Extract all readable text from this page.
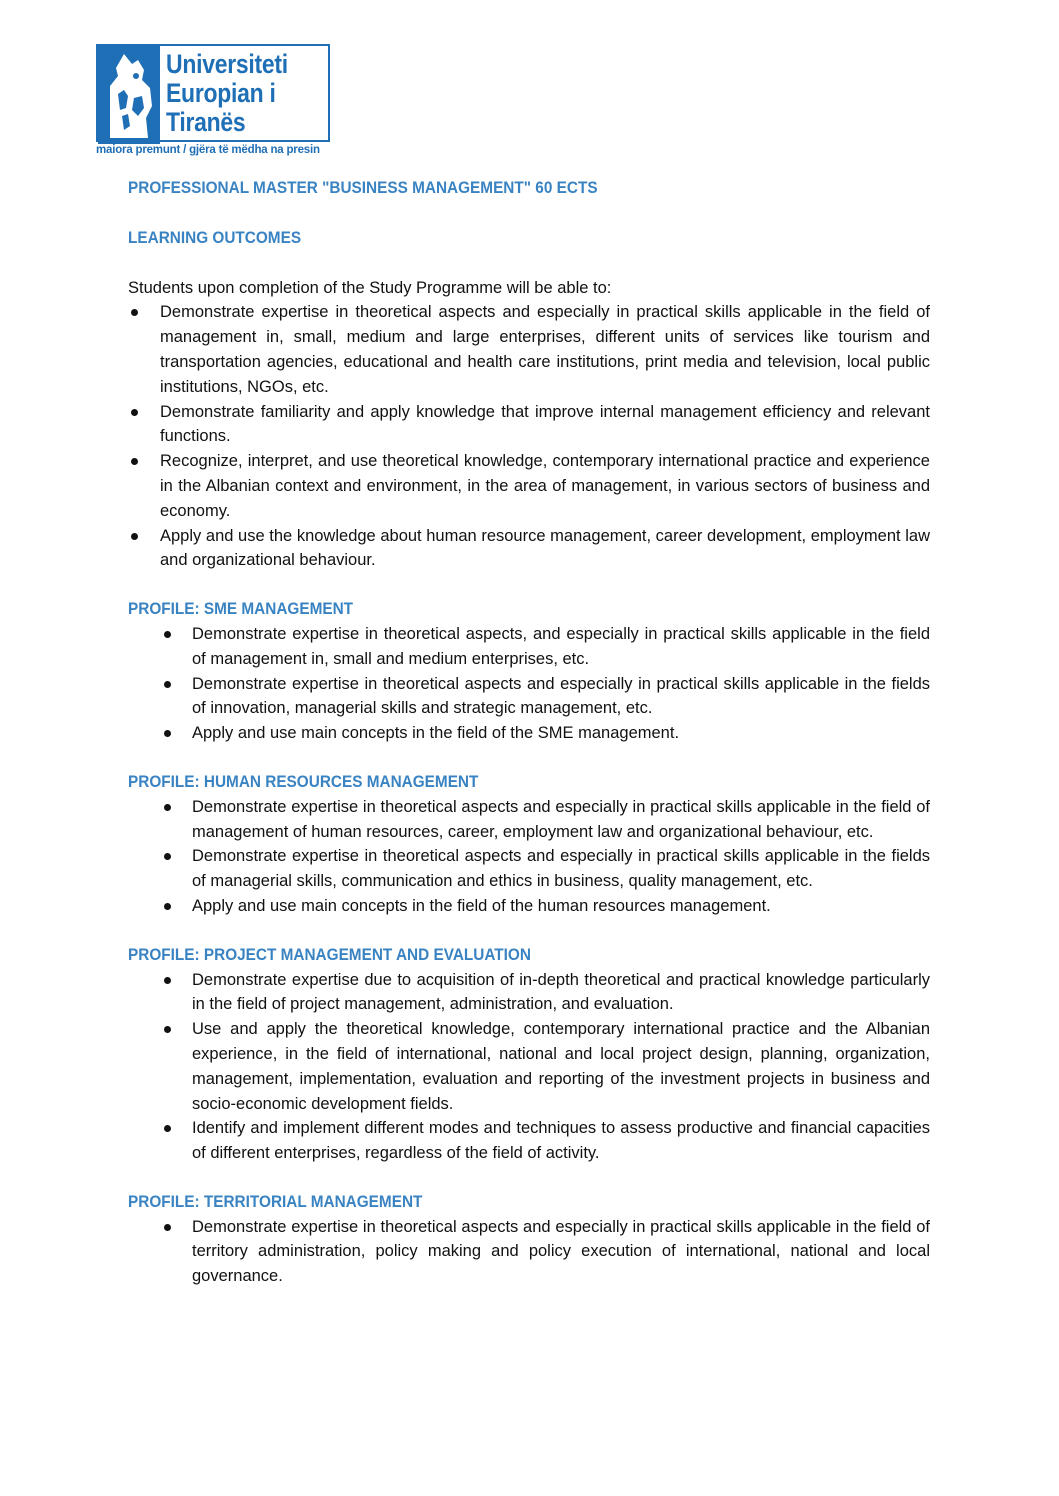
Universiteti
Europian i
Tiranës
maiora premunt / gjëra të mëdha na presin
PROFESSIONAL MASTER "BUSINESS MANAGEMENT" 60 ECTS
LEARNING OUTCOMES
Students upon completion of the Study Programme will be able to:
Demonstrate expertise in theoretical aspects and especially in practical skills applicable in the field of management in, small, medium and large enterprises, different units of services like tourism and transportation agencies, educational and health care institutions, print media and television, local public institutions, NGOs, etc.
Demonstrate familiarity and apply knowledge that improve internal management efficiency and relevant functions.
Recognize, interpret, and use theoretical knowledge, contemporary international practice and experience in the Albanian context and environment, in the area of management, in various sectors of business and economy.
Apply and use the knowledge about human resource management, career development, employment law and organizational behaviour.
PROFILE: SME MANAGEMENT
Demonstrate expertise in theoretical aspects, and especially in practical skills applicable in the field of management in, small and medium enterprises, etc.
Demonstrate expertise in theoretical aspects and especially in practical skills applicable in the fields of innovation, managerial skills and strategic management, etc.
Apply and use main concepts in the field of the SME management.
PROFILE: HUMAN RESOURCES MANAGEMENT
Demonstrate expertise in theoretical aspects and especially in practical skills applicable in the field of management of human resources, career, employment law and organizational behaviour, etc.
Demonstrate expertise in theoretical aspects and especially in practical skills applicable in the fields of managerial skills, communication and ethics in business, quality management, etc.
Apply and use main concepts in the field of the human resources management.
PROFILE: PROJECT MANAGEMENT AND EVALUATION
Demonstrate expertise due to acquisition of in-depth theoretical and practical knowledge particularly in the field of project management, administration, and evaluation.
Use and apply the theoretical knowledge, contemporary international practice and the Albanian experience, in the field of international, national and local project design, planning, organization, management, implementation, evaluation and reporting of the investment projects in business and socio-economic development fields.
Identify and implement different modes and techniques to assess productive and financial capacities of different enterprises, regardless of the field of activity.
PROFILE: TERRITORIAL MANAGEMENT
Demonstrate expertise in theoretical aspects and especially in practical skills applicable in the field of territory administration, policy making and policy execution of international, national and local governance.
